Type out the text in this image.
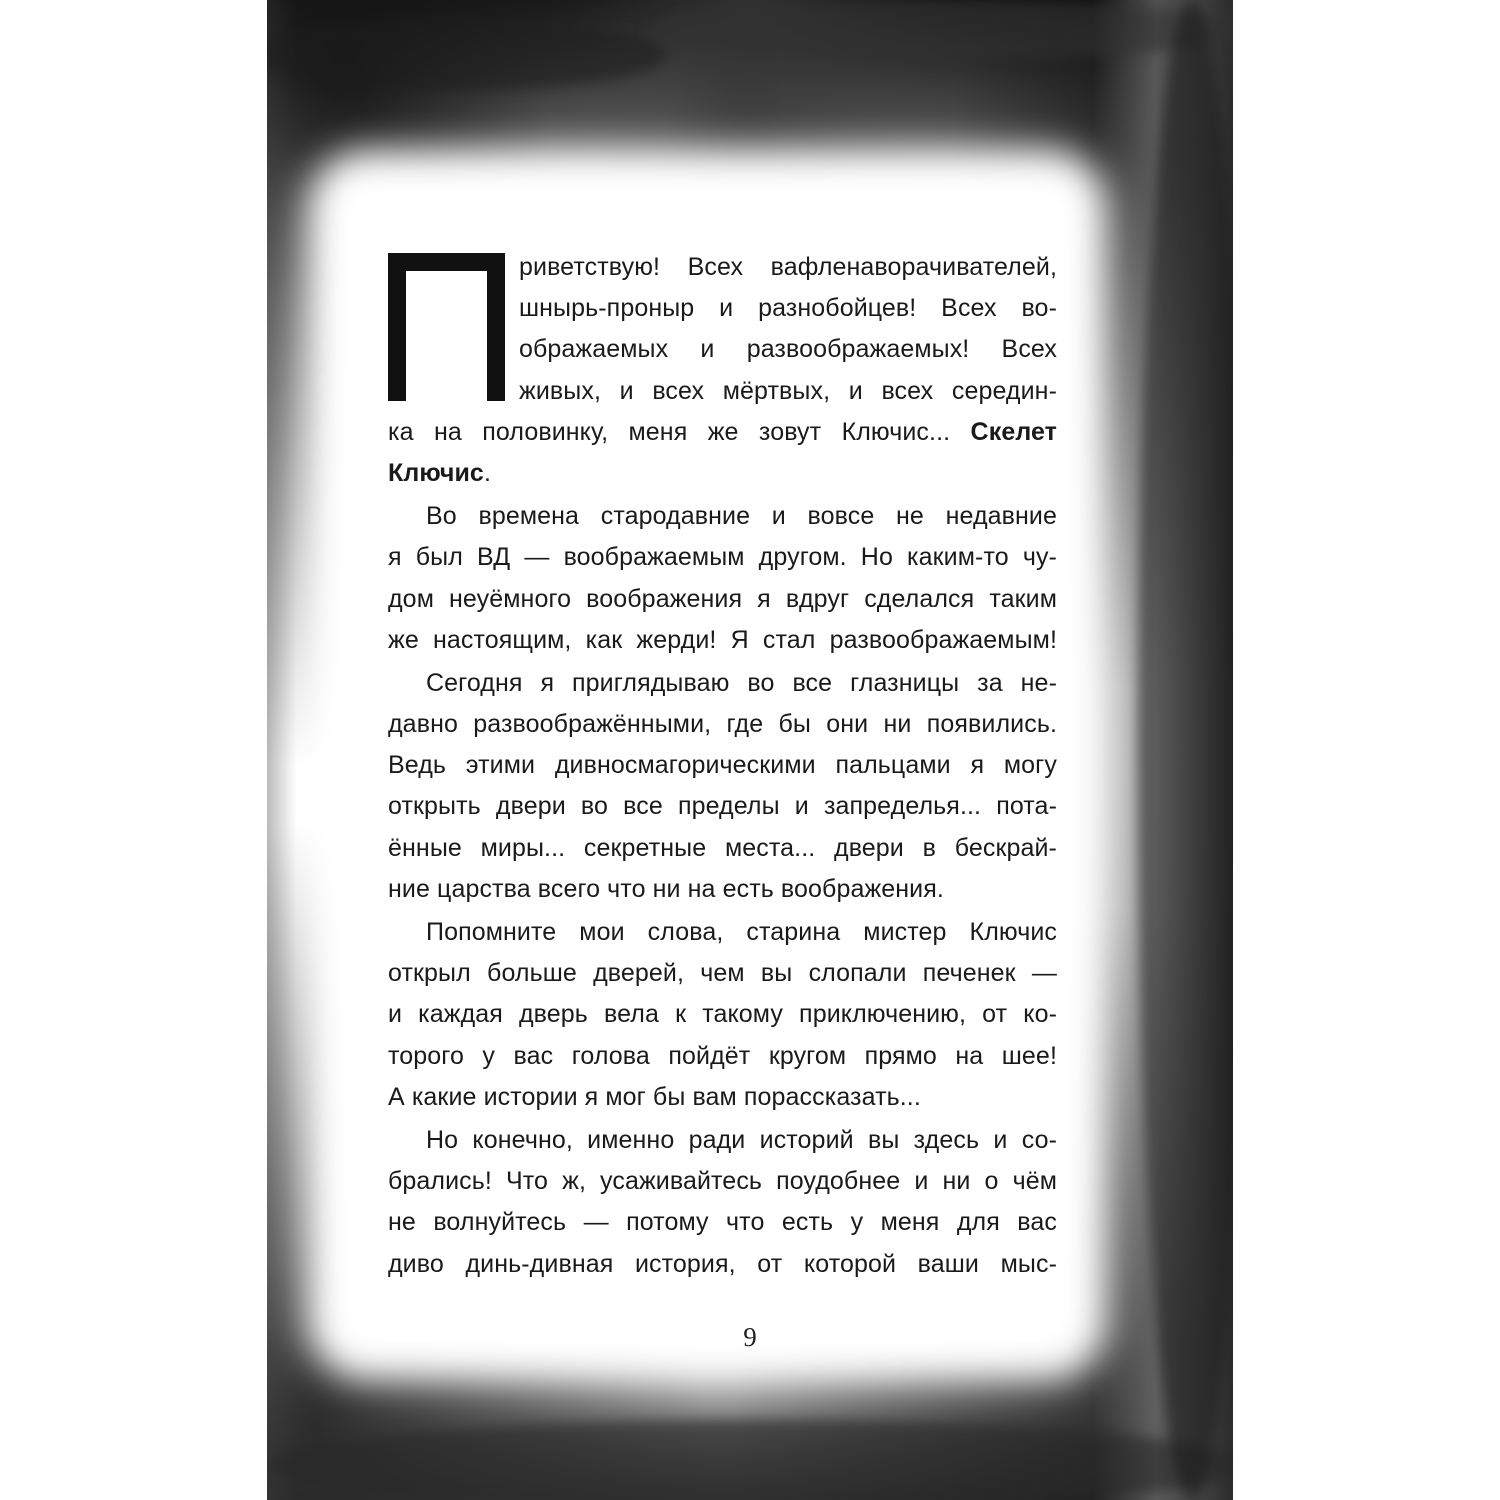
риветствую! Всех вафленаворачивателей,
шнырь-проныр и разнобойцев! Всех во-
ображаемых и развоображаемых! Всех
живых, и всех мёртвых, и всех середин-
ка на половинку, меня же зовут Ключис... Скелет
Ключис.
Во времена стародавние и вовсе не недавние
я был ВД — воображаемым другом. Но каким-то чу-
дом неуёмного воображения я вдруг сделался таким
же настоящим, как жерди! Я стал развоображаемым!
Сегодня я приглядываю во все глазницы за не-
давно развоображёнными, где бы они ни появились.
Ведь этими дивносмагорическими пальцами я могу
открыть двери во все пределы и запределья... пота-
ённые миры... секретные места... двери в бескрай-
ние царства всего что ни на есть воображения.
Попомните мои слова, старина мистер Ключис
открыл больше дверей, чем вы слопали печенек —
и каждая дверь вела к такому приключению, от ко-
торого у вас голова пойдёт кругом прямо на шее!
А какие истории я мог бы вам порассказать...
Но конечно, именно ради историй вы здесь и со-
брались! Что ж, усаживайтесь поудобнее и ни о чём
не волнуйтесь — потому что есть у меня для вас
диво динь-дивная история, от которой ваши мыс-
9
